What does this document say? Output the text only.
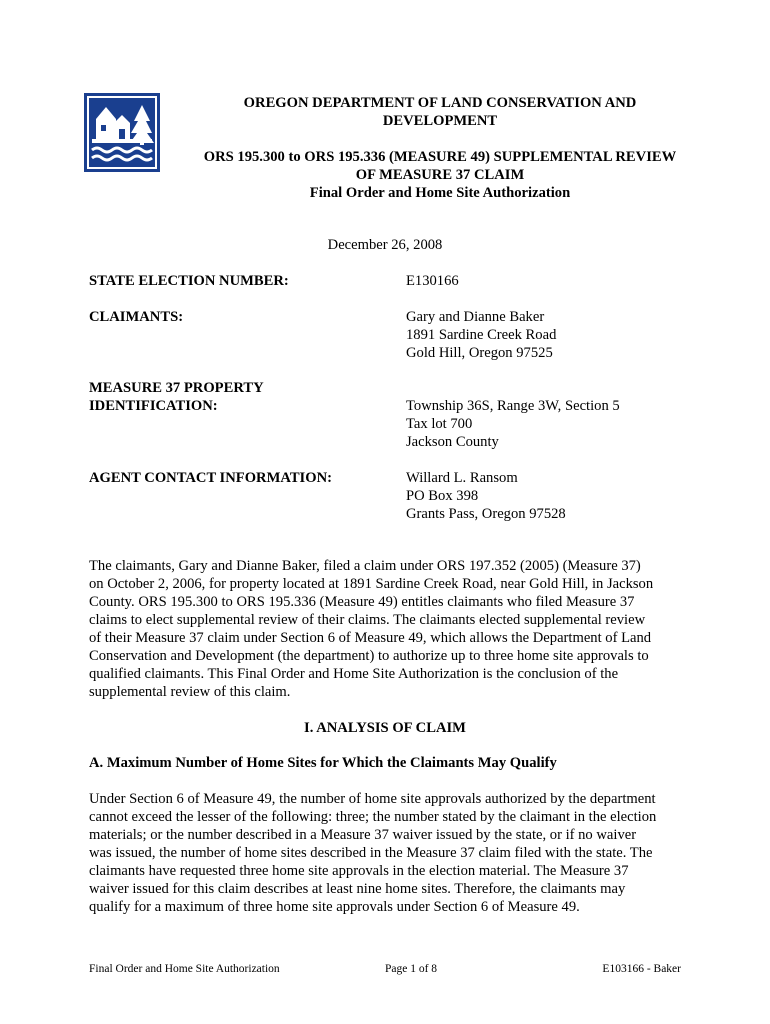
OREGON DEPARTMENT OF LAND CONSERVATION AND
DEVELOPMENT
ORS 195.300 to ORS 195.336 (MEASURE 49) SUPPLEMENTAL REVIEW
OF MEASURE 37 CLAIM
Final Order and Home Site Authorization
December 26, 2008
STATE ELECTION NUMBER:	E130166
CLAIMANTS:	Gary and Dianne Baker
1891 Sardine Creek Road
Gold Hill, Oregon 97525
MEASURE 37 PROPERTY
IDENTIFICATION:	Township 36S, Range 3W, Section 5
Tax lot 700
Jackson County
AGENT CONTACT INFORMATION:	Willard L. Ransom
PO Box 398
Grants Pass, Oregon 97528
The claimants, Gary and Dianne Baker, filed a claim under ORS 197.352 (2005) (Measure 37)
on October 2, 2006, for property located at 1891 Sardine Creek Road, near Gold Hill, in Jackson
County. ORS 195.300 to ORS 195.336 (Measure 49) entitles claimants who filed Measure 37
claims to elect supplemental review of their claims. The claimants elected supplemental review
of their Measure 37 claim under Section 6 of Measure 49, which allows the Department of Land
Conservation and Development (the department) to authorize up to three home site approvals to
qualified claimants. This Final Order and Home Site Authorization is the conclusion of the
supplemental review of this claim.
I. ANALYSIS OF CLAIM
A. Maximum Number of Home Sites for Which the Claimants May Qualify
Under Section 6 of Measure 49, the number of home site approvals authorized by the department
cannot exceed the lesser of the following: three; the number stated by the claimant in the election
materials; or the number described in a Measure 37 waiver issued by the state, or if no waiver
was issued, the number of home sites described in the Measure 37 claim filed with the state. The
claimants have requested three home site approvals in the election material. The Measure 37
waiver issued for this claim describes at least nine home sites. Therefore, the claimants may
qualify for a maximum of three home site approvals under Section 6 of Measure 49.
Final Order and Home Site Authorization	Page 1 of 8	E103166 - Baker
